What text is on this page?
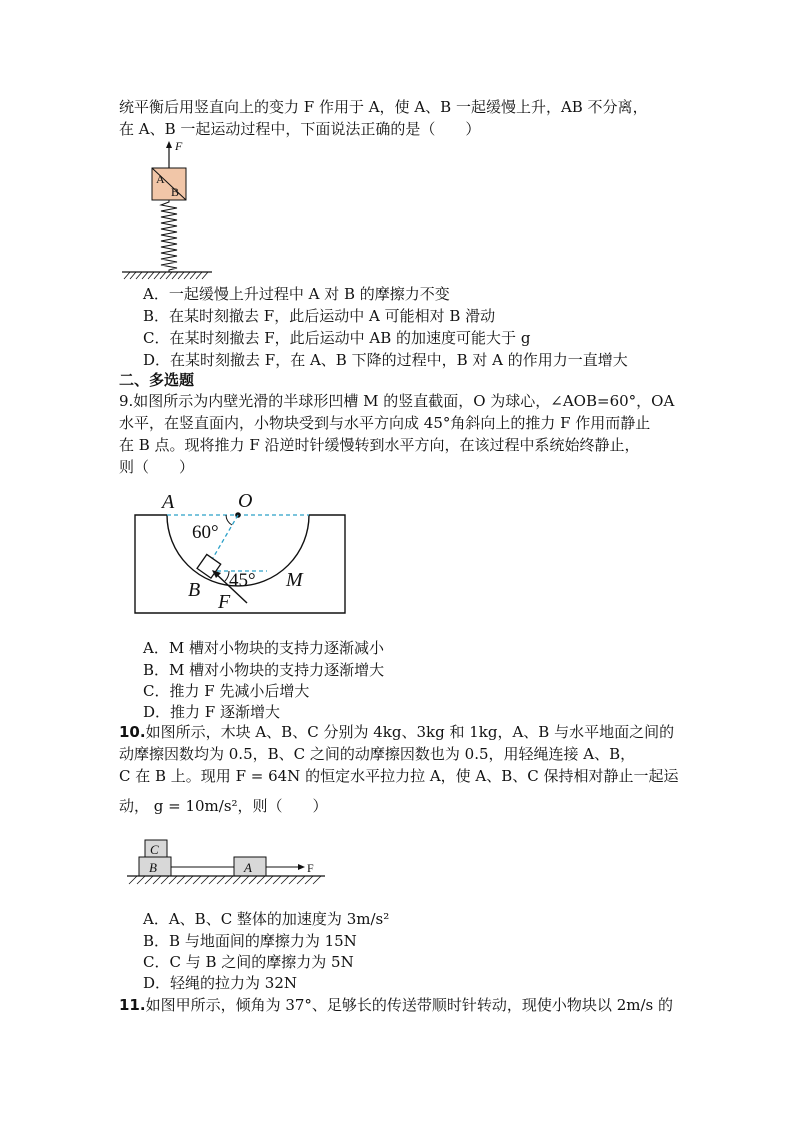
统平衡后用竖直向上的变力 F 作用于 A，使 A、B 一起缓慢上升，AB 不分离，
在 A、B 一起运动过程中，下面说法正确的是（　　）
F
A
B
A．一起缓慢上升过程中 A 对 B 的摩擦力不变
B．在某时刻撤去 F，此后运动中 A 可能相对 B 滑动
C．在某时刻撤去 F，此后运动中 AB 的加速度可能大于 g
D．在某时刻撤去 F，在 A、B 下降的过程中，B 对 A 的作用力一直增大
二、多选题
9.如图所示为内壁光滑的半球形凹槽 M 的竖直截面，O 为球心，∠AOB=60°，OA
水平，在竖直面内，小物块受到与水平方向成 45°角斜向上的推力 F 作用而静止
在 B 点。现将推力 F 沿逆时针缓慢转到水平方向，在该过程中系统始终静止，
则（　　）
O
A
60°
45°
B
F
M
A．M 槽对小物块的支持力逐渐减小
B．M 槽对小物块的支持力逐渐增大
C．推力 F 先减小后增大
D．推力 F 逐渐增大
10.如图所示，木块 A、B、C 分别为 4kg、3kg 和 1kg，A、B 与水平地面之间的
动摩擦因数均为 0.5，B、C 之间的动摩擦因数也为 0.5，用轻绳连接 A、B，
C 在 B 上。现用 F = 64N 的恒定水平拉力拉 A，使 A、B、C 保持相对静止一起运
动， g = 10m/s²，则（　　）
C
B	A	F
A．A、B、C 整体的加速度为 3m/s²
B．B 与地面间的摩擦力为 15N
C．C 与 B 之间的摩擦力为 5N
D．轻绳的拉力为 32N
11.如图甲所示，倾角为 37°、足够长的传送带顺时针转动，现使小物块以 2m/s 的
